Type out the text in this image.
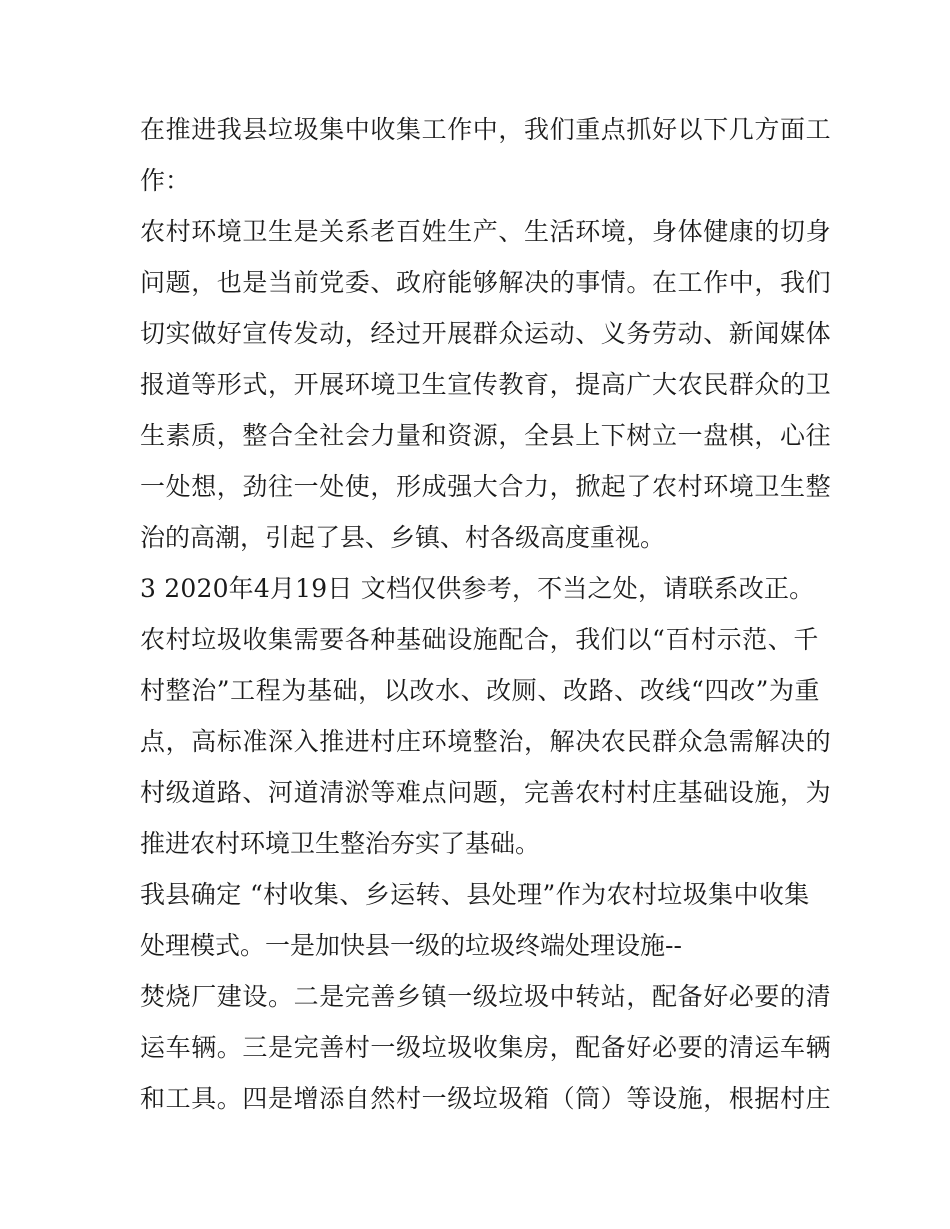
在推进我县垃圾集中收集工作中，我们重点抓好以下几方面工

作：

农村环境卫生是关系老百姓生产、生活环境，身体健康的切身

问题，也是当前党委、政府能够解决的事情。在工作中，我们

切实做好宣传发动，经过开展群众运动、义务劳动、新闻媒体

报道等形式，开展环境卫生宣传教育，提高广大农民群众的卫

生素质，整合全社会力量和资源，全县上下树立一盘棋，心往

一处想，劲往一处使，形成强大合力，掀起了农村环境卫生整

治的高潮，引起了县、乡镇、村各级高度重视。

3 2020年4月19日 文档仅供参考，不当之处，请联系改正。

农村垃圾收集需要各种基础设施配合，我们以“百村示范、千

村整治”工程为基础，以改水、改厕、改路、改线“四改”为重

点，高标准深入推进村庄环境整治，解决农民群众急需解决的

村级道路、河道清淤等难点问题，完善农村村庄基础设施，为

推进农村环境卫生整治夯实了基础。

我县确定 “村收集、乡运转、县处理”作为农村垃圾集中收集

处理模式。一是加快县一级的垃圾终端处理设施--

焚烧厂建设。二是完善乡镇一级垃圾中转站，配备好必要的清

运车辆。三是完善村一级垃圾收集房，配备好必要的清运车辆

和工具。四是增添自然村一级垃圾箱（筒）等设施，根据村庄
